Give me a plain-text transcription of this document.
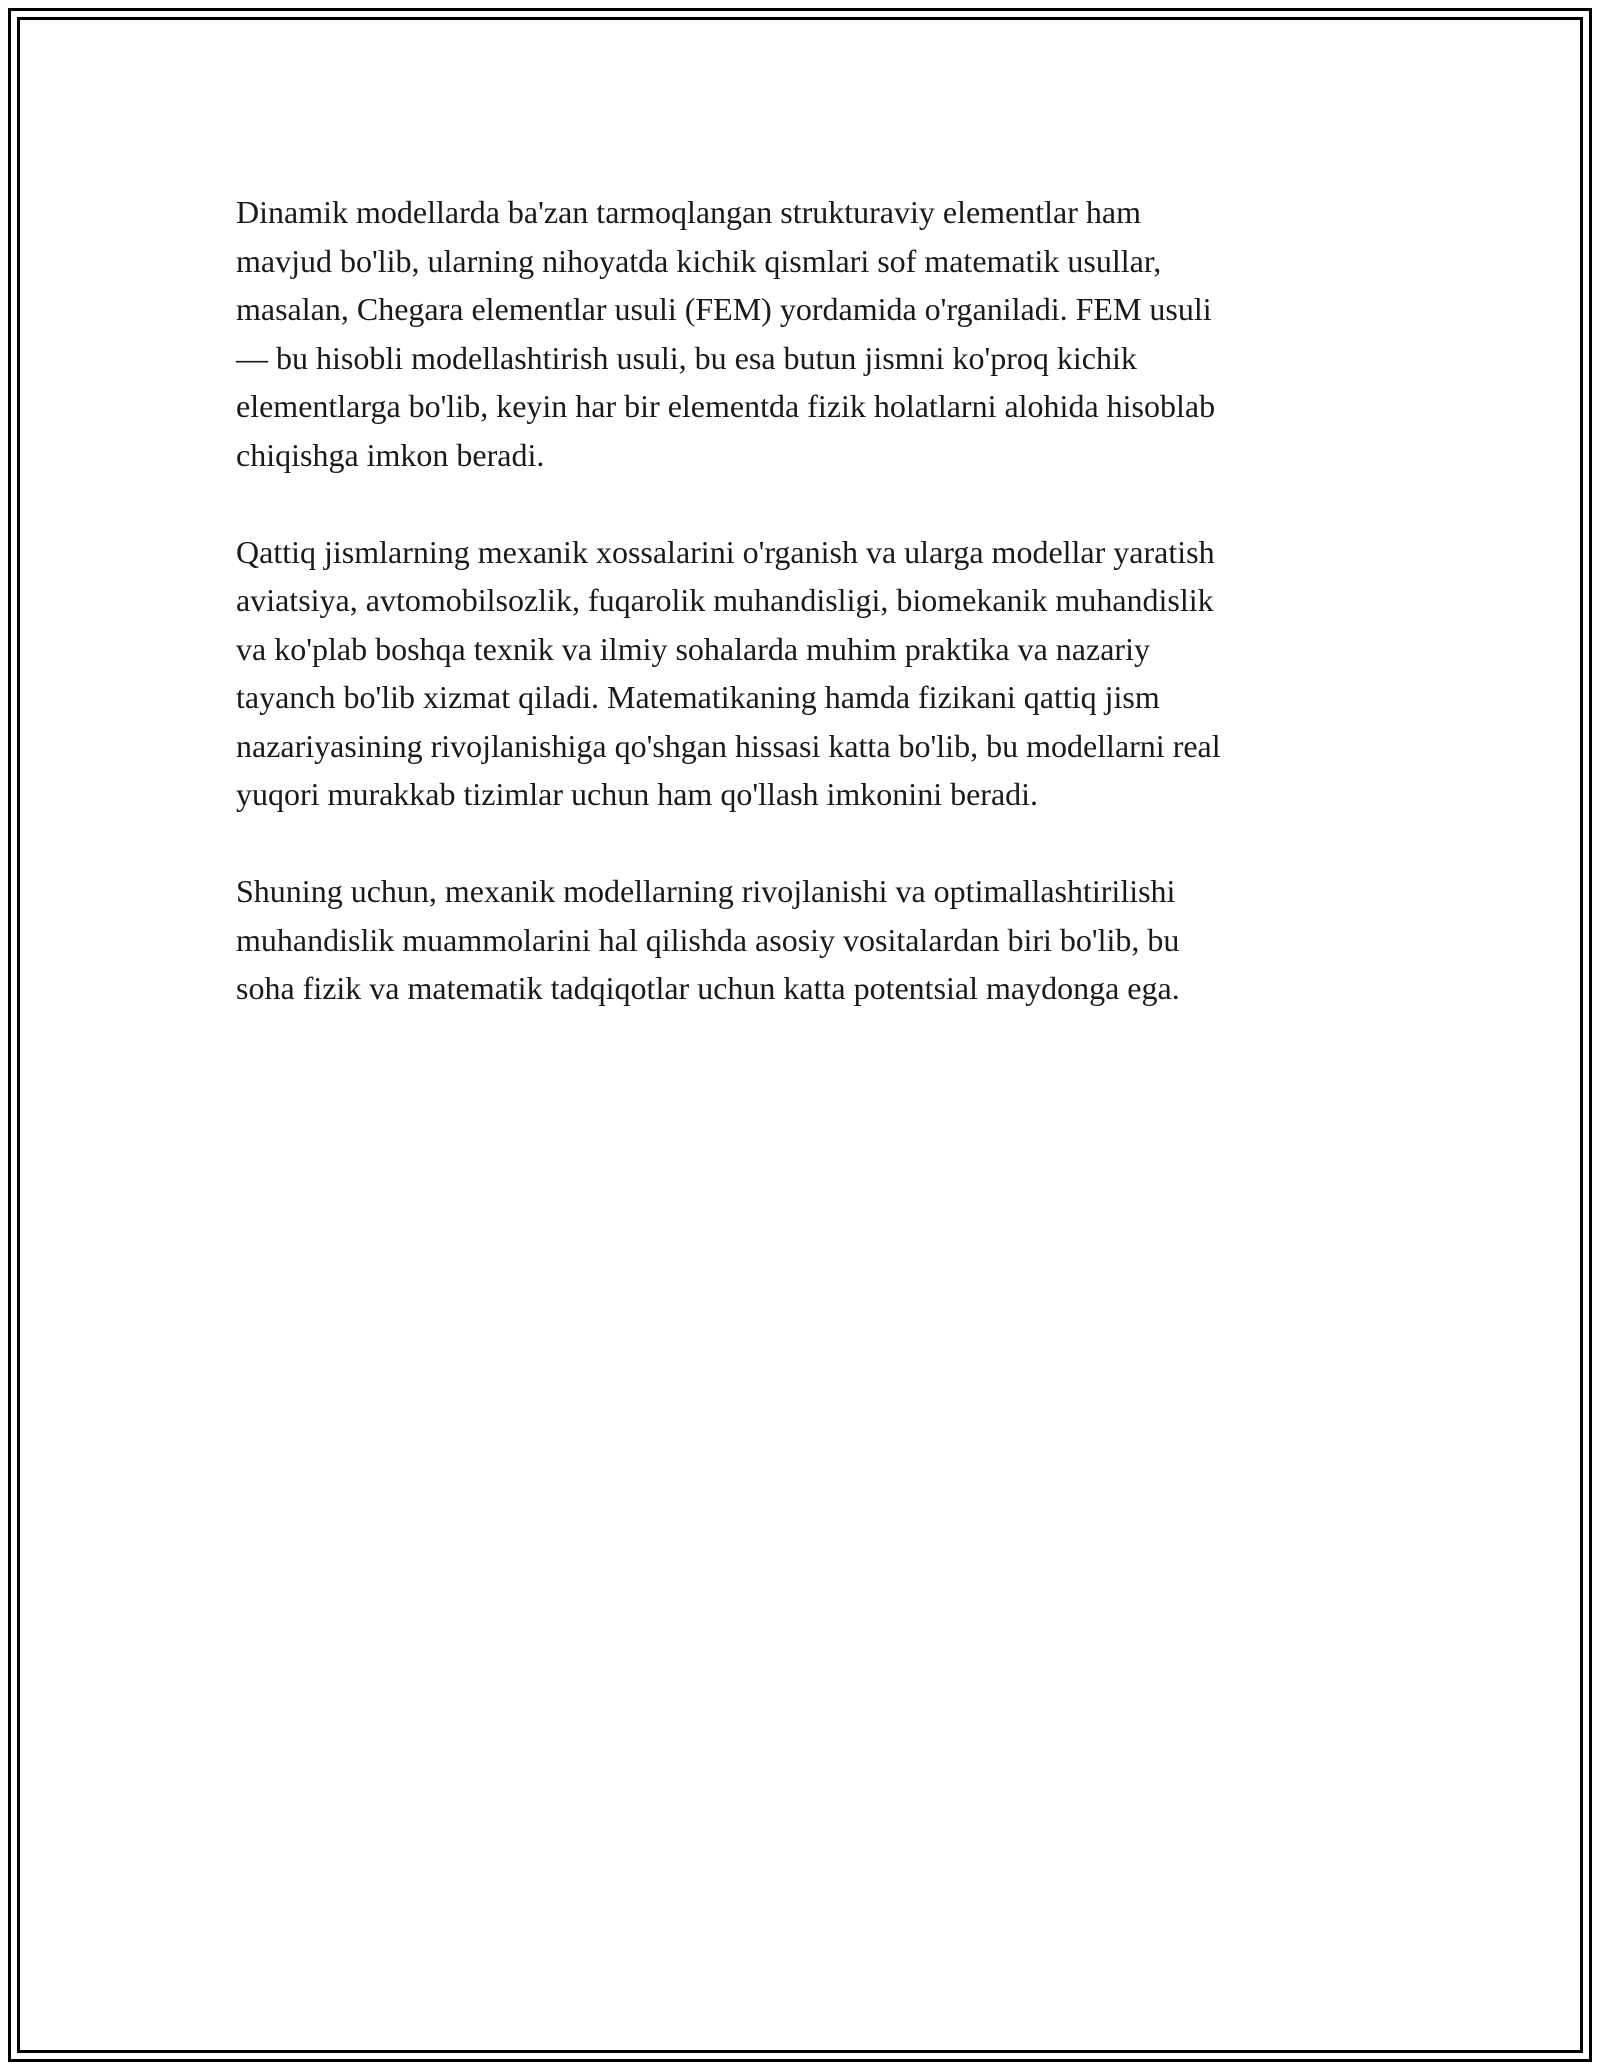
Dinamik modellarda ba'zan tarmoqlangan strukturaviy elementlar ham
mavjud bo'lib, ularning nihoyatda kichik qismlari sof matematik usullar,
masalan, Chegara elementlar usuli (FEM) yordamida o'rganiladi. FEM usuli
— bu hisobli modellashtirish usuli, bu esa butun jismni ko'proq kichik
elementlarga bo'lib, keyin har bir elementda fizik holatlarni alohida hisoblab
chiqishga imkon beradi.

Qattiq jismlarning mexanik xossalarini o'rganish va ularga modellar yaratish
aviatsiya, avtomobilsozlik, fuqarolik muhandisligi, biomekanik muhandislik
va ko'plab boshqa texnik va ilmiy sohalarda muhim praktika va nazariy
tayanch bo'lib xizmat qiladi. Matematikaning hamda fizikani qattiq jism
nazariyasining rivojlanishiga qo'shgan hissasi katta bo'lib, bu modellarni real
yuqori murakkab tizimlar uchun ham qo'llash imkonini beradi.

Shuning uchun, mexanik modellarning rivojlanishi va optimallashtirilishi
muhandislik muammolarini hal qilishda asosiy vositalardan biri bo'lib, bu
soha fizik va matematik tadqiqotlar uchun katta potentsial maydonga ega.
